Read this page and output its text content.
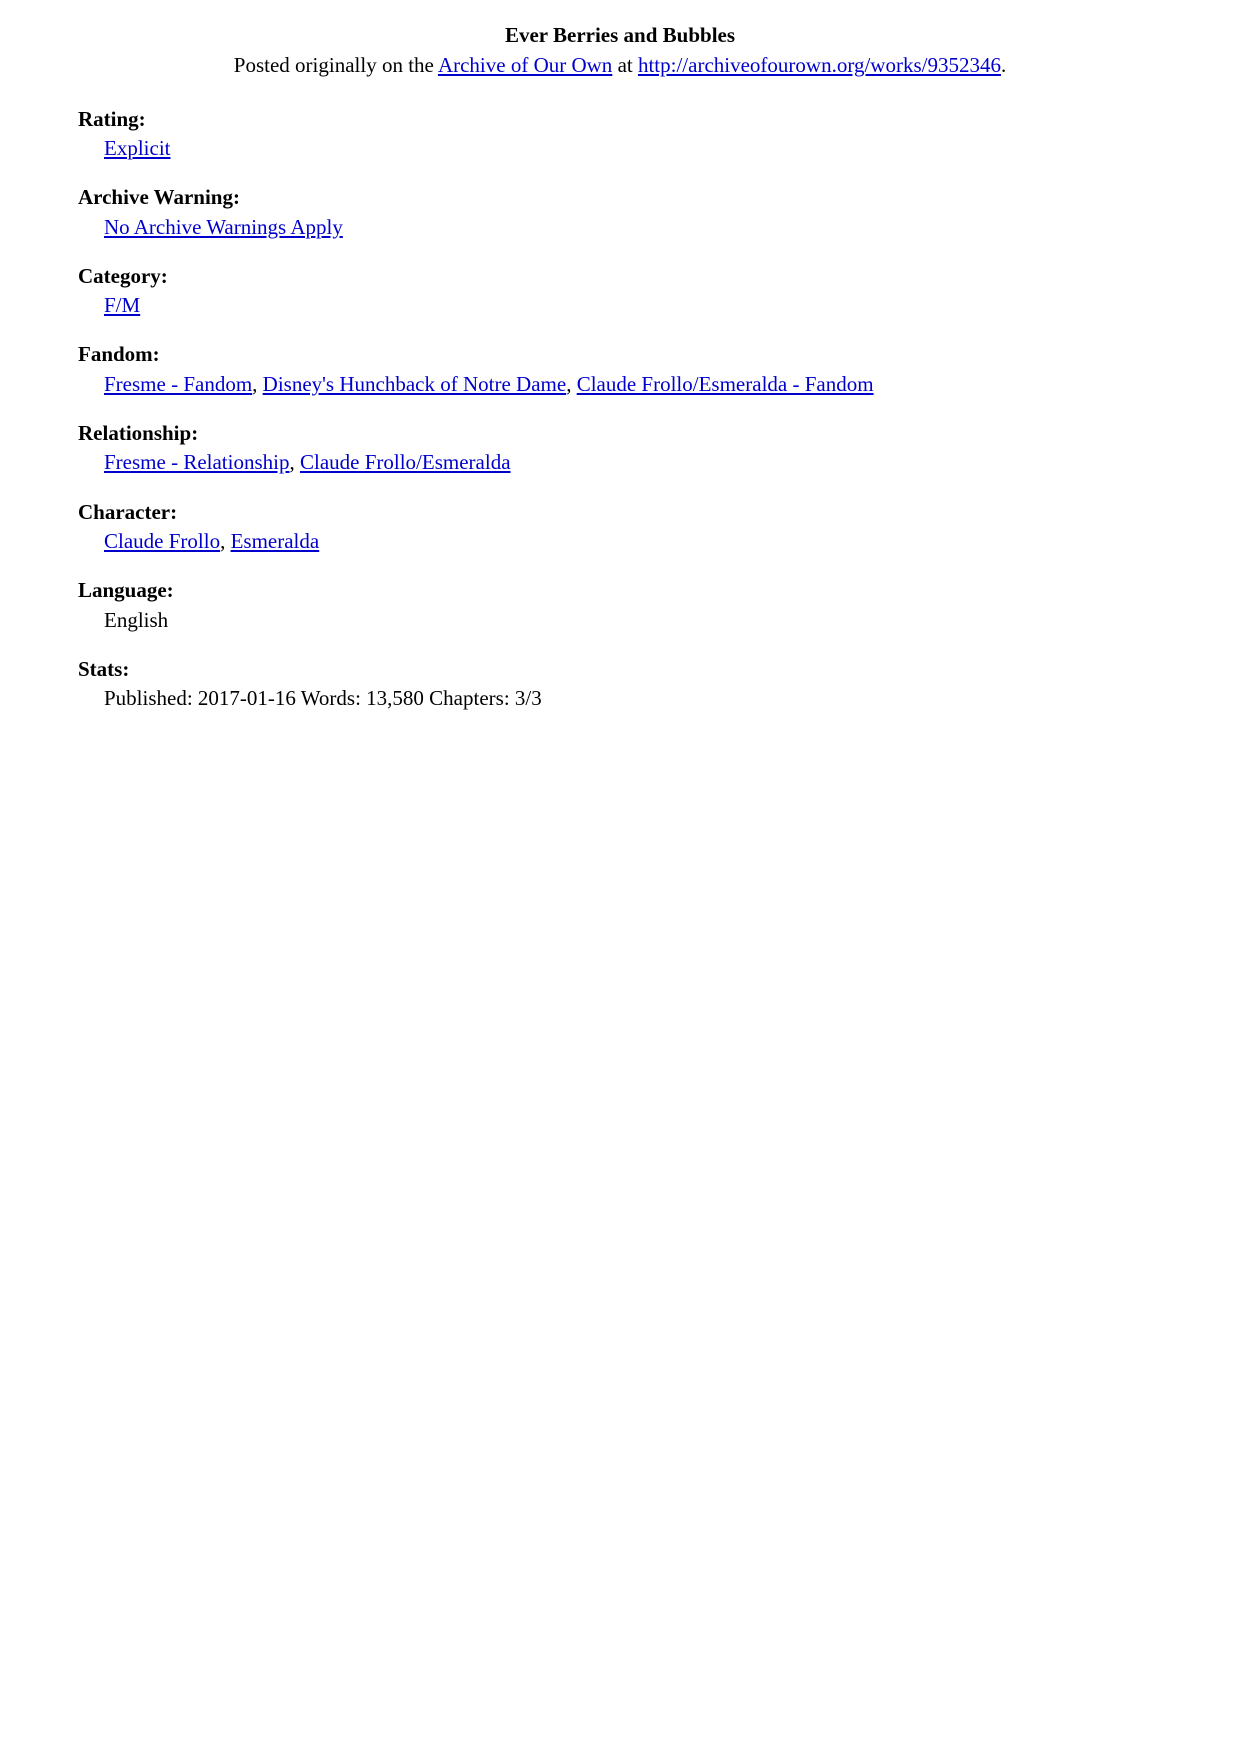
Ever Berries and Bubbles

Posted originally on the Archive of Our Own at http://archiveofourown.org/works/9352346.

Rating:
Explicit
Archive Warning:
No Archive Warnings Apply
Category:
F/M
Fandom:
Fresme - Fandom, Disney's Hunchback of Notre Dame, Claude Frollo/Esmeralda - Fandom
Relationship:
Fresme - Relationship, Claude Frollo/Esmeralda
Character:
Claude Frollo, Esmeralda
Language:
English
Stats:
Published: 2017-01-16 Words: 13,580 Chapters: 3/3
